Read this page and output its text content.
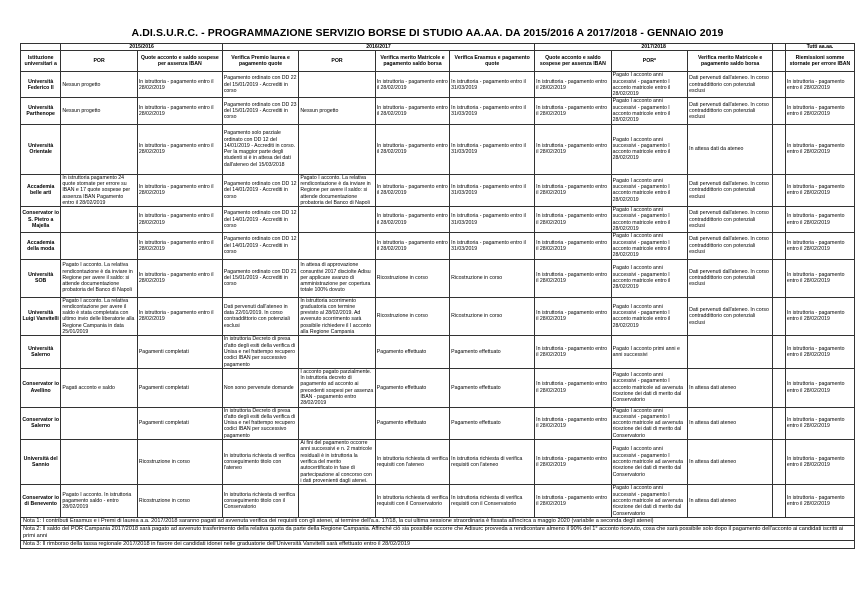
A.DI.S.U.R.C. - PROGRAMMAZIONE SERVIZIO BORSE DI STUDIO AA.AA. DA 2015/2016 A 2017/2018 - GENNAIO 2019
	2015/2016		2016/2017				2017/2018				Tutti aa.aa.
Istituzione universitari a	POR	Quote acconto e saldo sospese per assenza IBAN	Verifica Premio laurea e pagamento quote	POR	Verifica merito Matricole e pagamento saldo borsa	Verifica Erasmus e pagamento quote	Quote acconto e saldo sospese per assenza IBAN	POR*	Verifica merito Matricole e pagamento saldo borsa		Riemissioni somme stornate per errore IBAN
Università Federico II	Nessun progetto	In istruttoria - pagamento entro il 28/02/2019	Pagamento ordinato con DD 22 del 15/01/2019 - Accrediti in corso		In istruttoria - pagamento entro il 28/02/2019	In istruttoria - pagamento entro il 31/03/2019	In istruttoria - pagamento entro il 28/02/2019	Pagato I acconto anni successivi - pagamento I acconto matricole entro il 28/02/2019	Dati pervenuti dall'ateneo. In corso contraddittorio con potenziali esclusi		In istruttoria - pagamento entro il 28/02/2019
Università Parthenope	Nessun progetto	In istruttoria - pagamento entro il 28/02/2019	Pagamento ordinato con DD 23 del 15/01/2019 - Accrediti in corso	Nessun progetto	In istruttoria - pagamento entro il 28/02/2019	In istruttoria - pagamento entro il 31/03/2019	In istruttoria - pagamento entro il 28/02/2019	Pagato I acconto anni successivi - pagamento I acconto matricole entro il 28/02/2019	Dati pervenuti dall'ateneo. In corso contraddittorio con potenziali esclusi		In istruttoria - pagamento entro il 28/02/2019
Università Orientale		In istruttoria - pagamento entro il 28/02/2019	Pagamento solo parziale ordinato con DD 12 del 14/01/2019 - Accrediti in corso. Per la maggior parte degli studenti si è in attesa dei dati dall'ateneo del 15/03/2018		In istruttoria - pagamento entro il 28/02/2019	In istruttoria - pagamento entro il 31/03/2019	In istruttoria - pagamento entro il 28/02/2019	Pagato I acconto anni successivi - pagamento I acconto matricole entro il 28/02/2019	In attesa dati da ateneo		In istruttoria - pagamento entro il 28/02/2019
Accademia belle arti	In istruttoria pagamento 24 quote stornate per errore su IBAN e 17 quote sospese per assenza IBAN Pagamento entro il 28/02/2019	In istruttoria - pagamento entro il 28/02/2019	Pagamento ordinato con DD 12 del 14/01/2019 - Accrediti in corso	Pagato I acconto. La relativa rendicontazione è da inviare in Regione per avere il saldo: si attende documentazione probatoria del Banco di Napoli	In istruttoria - pagamento entro il 28/02/2019	In istruttoria - pagamento entro il 31/03/2019	In istruttoria - pagamento entro il 28/02/2019	Pagato I acconto anni successivi - pagamento I acconto matricole entro il 28/02/2019	Dati pervenuti dall'ateneo. In corso contraddittorio con potenziali esclusi		In istruttoria - pagamento entro il 28/02/2019
Conservator io S. Pietro a Majella		In istruttoria - pagamento entro il 28/02/2019	Pagamento ordinato con DD 12 del 14/01/2019 - Accrediti in corso		In istruttoria - pagamento entro il 28/02/2019	In istruttoria - pagamento entro il 31/03/2019	In istruttoria - pagamento entro il 28/02/2019	Pagato I acconto anni successivi - pagamento I acconto matricole entro il 28/02/2019	Dati pervenuti dall'ateneo. In corso contraddittorio con potenziali esclusi		In istruttoria - pagamento entro il 28/02/2019
Accademia della moda		In istruttoria - pagamento entro il 28/02/2019	Pagamento ordinato con DD 12 del 14/01/2019 - Accrediti in corso		In istruttoria - pagamento entro il 28/02/2019	In istruttoria - pagamento entro il 31/03/2019	In istruttoria - pagamento entro il 28/02/2019	Pagato I acconto anni successivi - pagamento I acconto matricole entro il 28/02/2019	Dati pervenuti dall'ateneo. In corso contraddittorio con potenziali esclusi		In istruttoria - pagamento entro il 28/02/2019
Università SOB	Pagato I acconto. La relativa rendicontazione è da inviare in Regione per avere il saldo: si attende documentazione probatoria del Banco di Napoli	In istruttoria - pagamento entro il 28/02/2019	Pagamento ordinato con DD 21 del 15/01/2019 - Accrediti in corso	In attesa di approvazione consuntivi 2017 disciolte Adisu per applicare avanzo di amministrazione per copertura totale 100% dovuto	Ricostruzione in corso	Ricostruzione in corso	In istruttoria - pagamento entro il 28/02/2019	Pagato I acconto anni successivi - pagamento I acconto matricole entro il 28/02/2019	Dati pervenuti dall'ateneo. In corso contraddittorio con potenziali esclusi		In istruttoria - pagamento entro il 28/02/2019
Università Luigi Vanvitelli	Pagato I acconto. La relativa rendicontazione per avere il saldo è stata completata con ultimo invio delle liberatorie alla Regione Campania in data 25/01/2019	In istruttoria - pagamento entro il 28/02/2019	Dati pervenuti dall'ateneo in data 22/01/2019. In corso contraddittorio con potenziali esclusi	In istruttoria scorrimento graduatoria con termine previsto al 28/02/2019. Ad avvenuto scorrimento sarà possibile richiedere il I acconto alla Regione Campania	Ricostruzione in corso	Ricostruzione in corso	In istruttoria - pagamento entro il 28/02/2019	Pagato I acconto anni successivi - pagamento I acconto matricole entro il 28/02/2019	Dati pervenuti dall'ateneo. In corso contraddittorio con potenziali esclusi		In istruttoria - pagamento entro il 28/02/2019
Università Salerno		Pagamenti completati	In istruttoria Decreto di presa d'atto degli esiti della verifica di Unisa e nel frattempo recupero codici IBAN per successivo pagamento		Pagamento effettuato	Pagamento effettuato	In istruttoria - pagamento entro il 28/02/2019	Pagato I acconto primi anni e anni successivi			In istruttoria - pagamento entro il 28/02/2019
Conservator io Avellino	Pagati acconto e saldo	Pagamenti completati	Non sono pervenute domande	I acconto pagato parzialmente. In istruttoria decreto di pagamento ad acconto ai precedenti sospesi per assenza IBAN - pagamento entro 28/02/2019	Pagamento effettuato	Pagamento effettuato	In istruttoria - pagamento entro il 28/02/2019	Pagato I acconto anni successivi - pagamento I acconto matricole ad avvenuta ricezione dei dati di merito dal Conservatorio	In attesa dati ateneo		In istruttoria - pagamento entro il 28/02/2019
Conservator io Salerno		Pagamenti completati	In istruttoria Decreto di presa d'atto degli esiti della verifica di Unisa e nel frattempo recupero codici IBAN per successivo pagamento		Pagamento effettuato	Pagamento effettuato	In istruttoria - pagamento entro il 28/02/2019	Pagato I acconto anni successivi - pagamento I acconto matricole ad avvenuta ricezione dei dati di merito dal Conservatorio	In attesa dati ateneo		In istruttoria - pagamento entro il 28/02/2019
Università del Sannio		Ricostruzione in corso	In istruttoria richiesta di verifica conseguimento titolo con l'ateneo	Ai fini del pagamento occorre anni successivi e n. 2 matricole residuali è in istruttoria la verifica del merito autocertificato in fase di partecipazione al concorso con i dati provenienti dagli atenei.	In istruttoria richiesta di verifica requisiti con l'ateneo	In istruttoria richiesta di verifica requisiti con l'ateneo	In istruttoria - pagamento entro il 28/02/2019	Pagato I acconto anni successivi - pagamento I acconto matricole ad avvenuta ricezione dei dati di merito dal Conservatorio	In attesa dati ateneo		In istruttoria - pagamento entro il 28/02/2019
Conservator io di Benevento	Pagato I acconto. In istruttoria pagamento saldo - entro 28/02/2019	Ricostruzione in corso	In istruttoria richiesta di verifica conseguimento titolo con il Conservatorio		In istruttoria richiesta di verifica requisiti con il Conservatorio	In istruttoria richiesta di verifica requisiti con il Conservatorio	In istruttoria - pagamento entro il 28/02/2019	Pagato I acconto anni successivi - pagamento I acconto matricole ad avvenuta ricezione dei dati di merito dal Conservatorio	In attesa dati ateneo		In istruttoria - pagamento entro il 28/02/2019
Nota 1: I contributi Erasmus e i Premi di laurea a.a. 2017/2018 saranno pagati ad avvenuta verifica dei requisiti con gli atenei, al termine dell'a.a. 17/18, la cui ultima sessione straordinaria è fissata all'incirca a maggio 2020 (variabile a seconda degli atenei)
Nota 2: Il saldo del POR Campania 2017/2018 sarà pagato ad avvenuto trasferimento della relativa quota da parte della Regione Campania. Affinché ciò sia possibile occorre che Adisurc provveda a rendicontare almeno il 90% del 1° acconto ricevuto, cosa che sarà possibile solo dopo il pagamento dell'acconto ai candidati iscritti ai primi anni
Nota 3: Il rimborso della tassa regionale 2017/2018 in favore dei candidati idonei nelle graduatorie dell'Università Vanvitelli sarà effettuato entro il 28/02/2019
